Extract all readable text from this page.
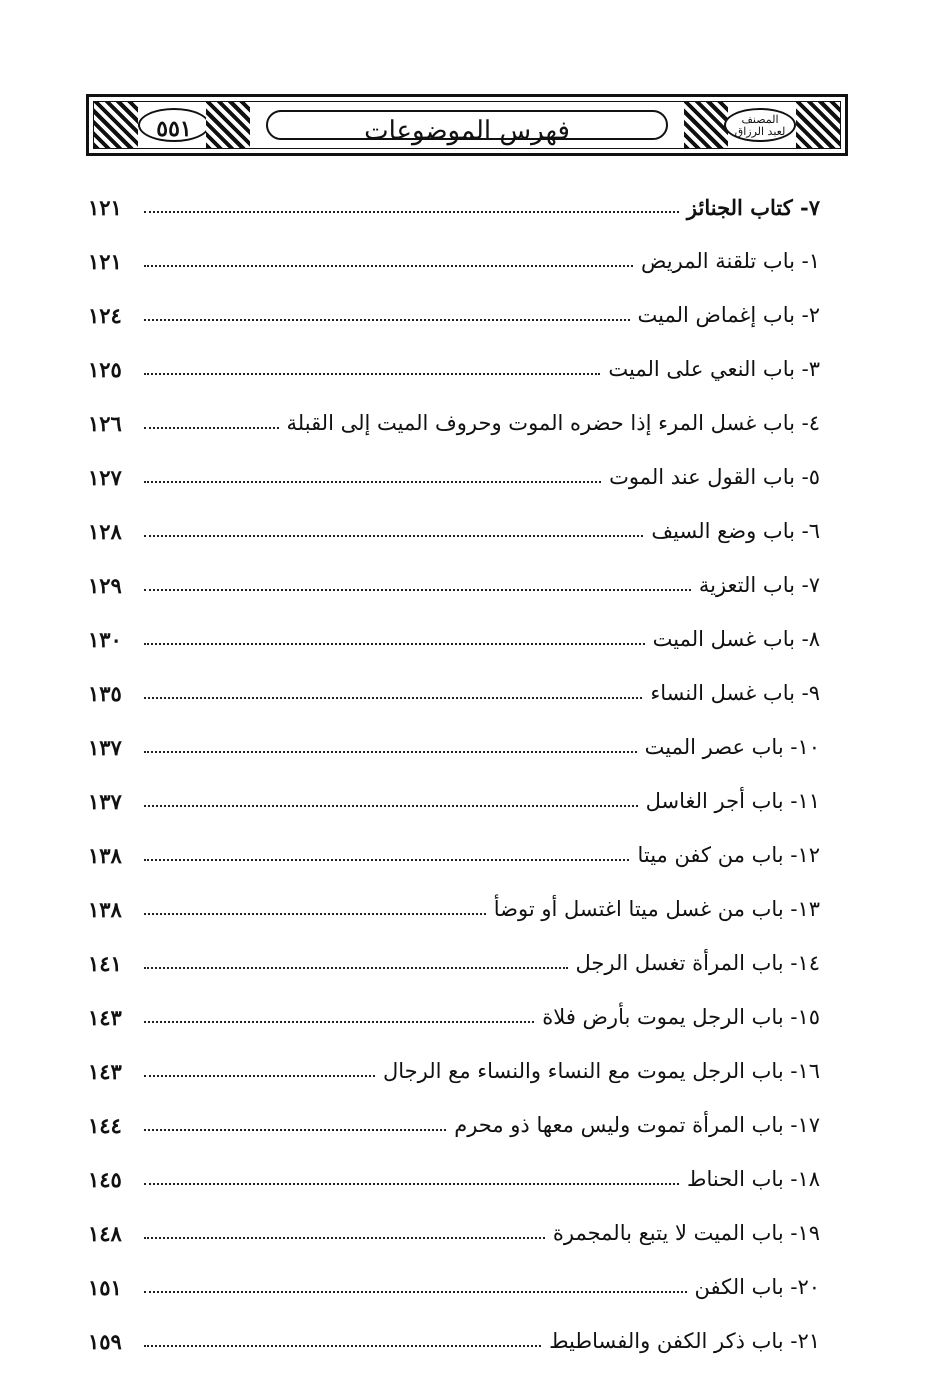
٥٥١	فهرس الموضوعات	المصنف
لعبد الرزاق
٧- كتاب الجنائز
١٢١
١- باب تلقنة المريض
١٢١
٢- باب إغماض الميت
١٢٤
٣- باب النعي على الميت
١٢٥
٤- باب غسل المرء إذا حضره الموت وحروف الميت إلى القبلة
١٢٦
٥- باب القول عند الموت
١٢٧
٦- باب وضع السيف
١٢٨
٧- باب التعزية
١٢٩
٨- باب غسل الميت
١٣٠
٩- باب غسل النساء
١٣٥
١٠- باب عصر الميت
١٣٧
١١- باب أجر الغاسل
١٣٧
١٢- باب من كفن ميتا
١٣٨
١٣- باب من غسل ميتا اغتسل أو توضأ
١٣٨
١٤- باب المرأة تغسل الرجل
١٤١
١٥- باب الرجل يموت بأرض فلاة
١٤٣
١٦- باب الرجل يموت مع النساء والنساء مع الرجال
١٤٣
١٧- باب المرأة تموت وليس معها ذو محرم
١٤٤
١٨- باب الحناط
١٤٥
١٩- باب الميت لا يتبع بالمجمرة
١٤٨
٢٠- باب الكفن
١٥١
٢١- باب ذكر الكفن والفساطيط
١٥٩
